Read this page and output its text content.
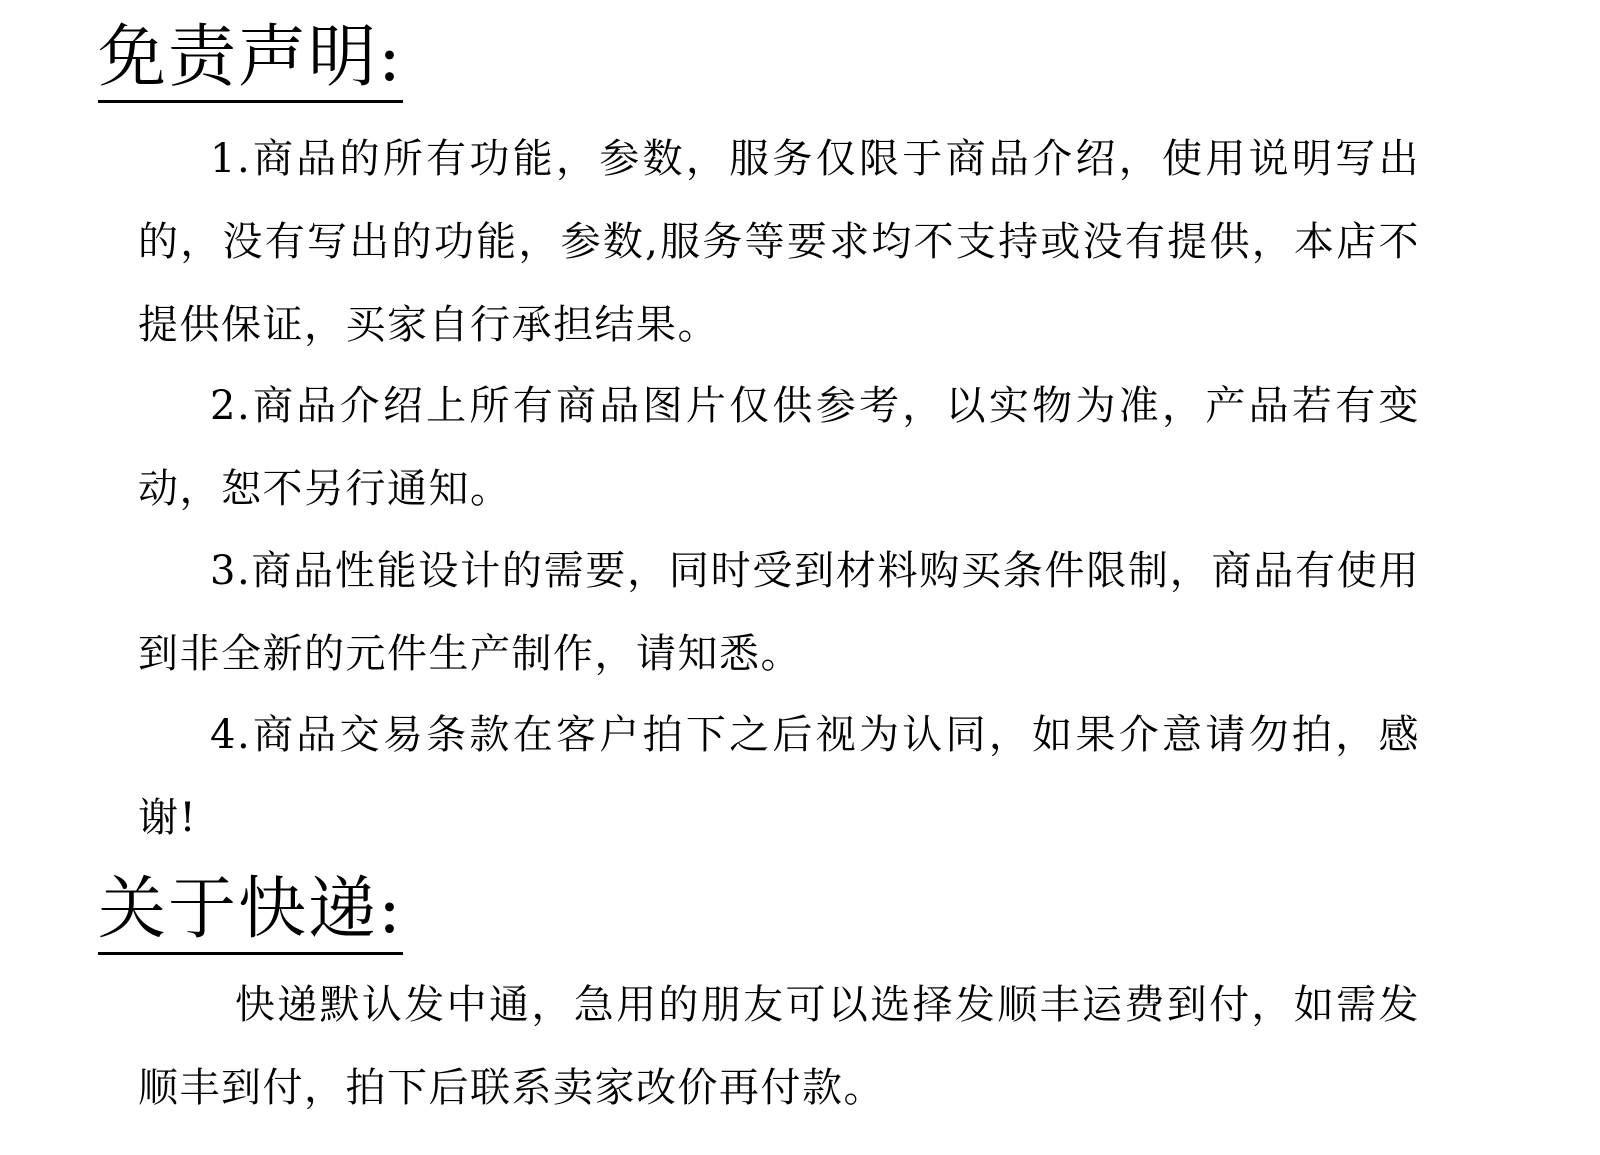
免责声明:

1.商品的所有功能，参数，服务仅限于商品介绍，使用说明写出的，没有写出的功能，参数,服务等要求均不支持或没有提供，本店不提供保证，买家自行承担结果。

2.商品介绍上所有商品图片仅供参考，以实物为准，产品若有变动，恕不另行通知。

3.商品性能设计的需要，同时受到材料购买条件限制，商品有使用到非全新的元件生产制作，请知悉。

4.商品交易条款在客户拍下之后视为认同，如果介意请勿拍，感谢!

关于快递:

快递默认发中通，急用的朋友可以选择发顺丰运费到付，如需发顺丰到付，拍下后联系卖家改价再付款。
